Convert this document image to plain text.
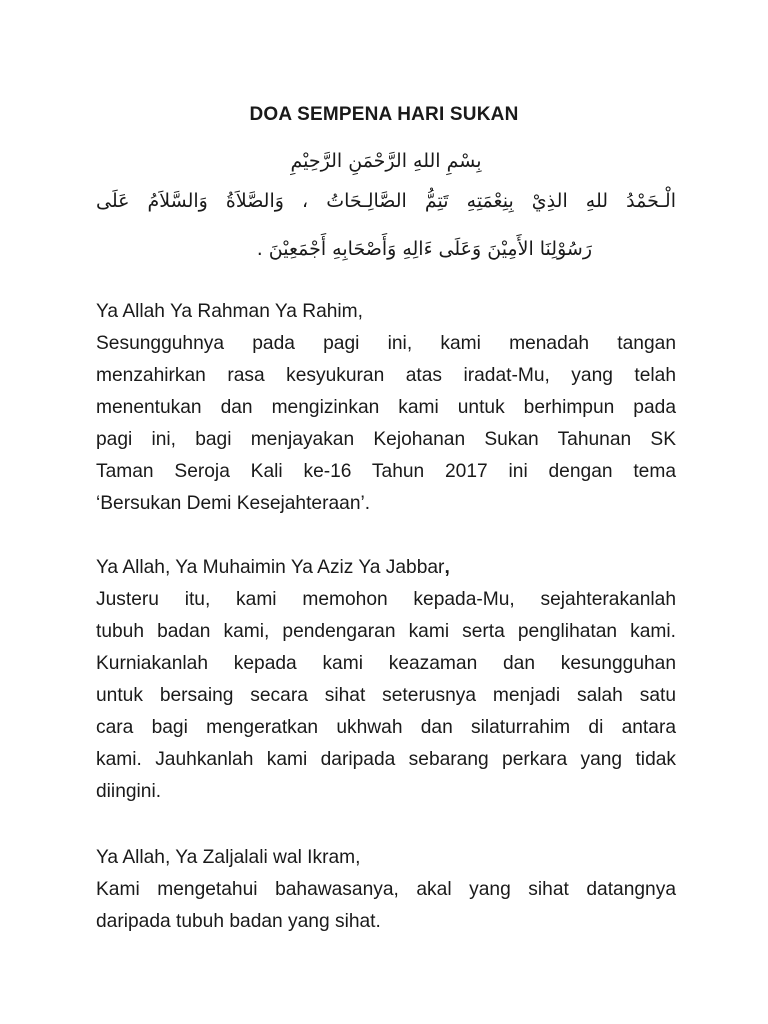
DOA SEMPENA HARI SUKAN
بِسْمِ اللهِ الرَّحْمَنِ الرَّحِيْمِ
الْـحَمْدُ للهِ الذِيْ بِنِعْمَتِهِ تَتِمُّ الصَّالِـحَاتُ ، وَالصَّلاَةُ وَالسَّلاَمُ عَلَى
رَسُوْلِنَا الأَمِيْنَ وَعَلَى ءَالِهِ وَأَصْحَابِهِ أَجْمَعِيْنَ .
Ya Allah Ya Rahman Ya Rahim,
Sesungguhnya pada pagi ini, kami menadah tangan
menzahirkan rasa kesyukuran atas iradat-Mu, yang telah
menentukan dan mengizinkan kami untuk berhimpun pada
pagi ini, bagi menjayakan Kejohanan Sukan Tahunan SK
Taman Seroja Kali ke-16 Tahun 2017 ini dengan tema
‘Bersukan Demi Kesejahteraan’.
Ya Allah, Ya Muhaimin Ya Aziz Ya Jabbar,
Justeru itu, kami memohon kepada-Mu, sejahterakanlah
tubuh badan kami, pendengaran kami serta penglihatan kami.
Kurniakanlah kepada kami keazaman dan kesungguhan
untuk bersaing secara sihat seterusnya menjadi salah satu
cara bagi mengeratkan ukhwah dan silaturrahim di antara
kami. Jauhkanlah kami daripada sebarang perkara yang tidak
diingini.
Ya Allah, Ya Zaljalali wal Ikram,
Kami mengetahui bahawasanya, akal yang sihat datangnya
daripada tubuh badan yang sihat.
